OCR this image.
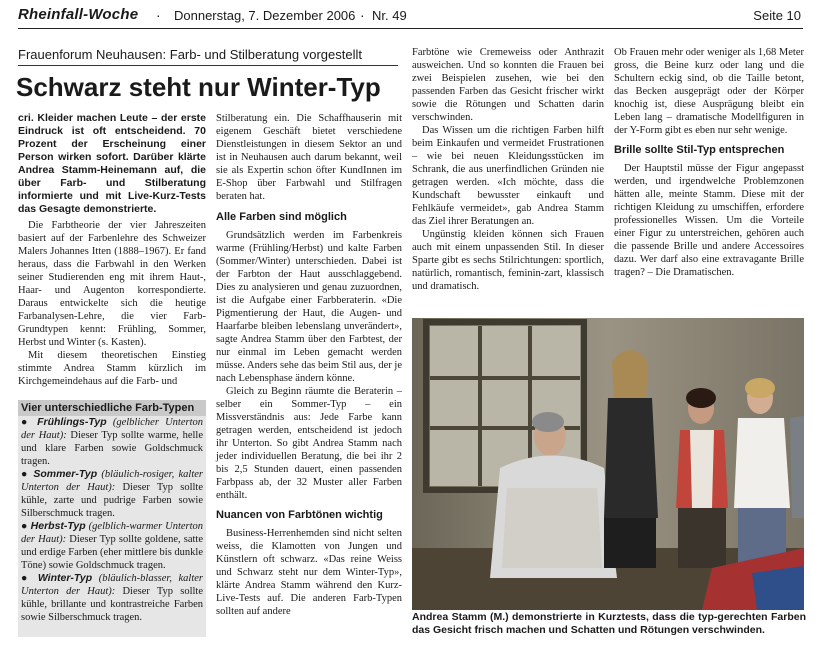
Rheinfall-Woche · Donnerstag, 7. Dezember 2006 · Nr. 49	Seite 10
Frauenforum Neuhausen: Farb- und Stilberatung vorgestellt
Schwarz steht nur Winter-Typ

cri. Kleider machen Leute – der erste Eindruck ist oft entscheidend. 70 Prozent der Erscheinung einer Person wirken sofort. Darüber klärte Andrea Stamm-Heinemann auf, die über Farb- und Stilberatung informierte und mit Live-Kurz-Tests das Gesagte demonstrierte.

Die Farbtheorie der vier Jahreszeiten basiert auf der Farbenlehre des Schweizer Malers Johannes Itten (1888–1967). Er fand heraus, dass die Farbwahl in den Werken seiner Studierenden eng mit ihrem Haut-, Haar- und Augenton korrespondierte. Daraus entwickelte sich die heutige Farbanalysen-Lehre, die vier Farb-Grundtypen kennt: Frühling, Sommer, Herbst und Winter (s. Kasten).

Mit diesem theoretischen Einstieg stimmte Andrea Stamm kürzlich im Kirchgemeindehaus auf die Farb- und

Vier unterschiedliche Farb-Typen

● Frühlings-Typ (gelblicher Unterton der Haut): Dieser Typ sollte warme, helle und klare Farben sowie Goldschmuck tragen.

● Sommer-Typ (bläulich-rosiger, kalter Unterton der Haut): Dieser Typ sollte kühle, zarte und pudrige Farben sowie Silberschmuck tragen.

● Herbst-Typ (gelblich-warmer Unterton der Haut): Dieser Typ sollte goldene, satte und erdige Farben (eher mittlere bis dunkle Töne) sowie Goldschmuck tragen.

● Winter-Typ (bläulich-blasser, kalter Unterton der Haut): Dieser Typ sollte kühle, brillante und kontrastreiche Farben sowie Silberschmuck tragen.

Stilberatung ein. Die Schaffhauserin mit eigenem Geschäft bietet verschiedene Dienstleistungen in diesem Sektor an und ist in Neuhausen auch darum bekannt, weil sie als Expertin schon öfter KundInnen im E-Shop über Farbwahl und Stilfragen beraten hat.

Alle Farben sind möglich

Grundsätzlich werden im Farbenkreis warme (Frühling/Herbst) und kalte Farben (Sommer/Winter) unterschieden. Dabei ist der Farbton der Haut ausschlaggebend. Dies zu analysieren und genau zuzuordnen, ist die Aufgabe einer Farbberaterin. «Die Pigmentierung der Haut, die Augen- und Haarfarbe bleiben lebenslang unverändert», sagte Andrea Stamm über den Farbtest, der nur einmal im Leben gemacht werden müsse. Anders sehe das beim Stil aus, der je nach Lebensphase ändern könne.

Gleich zu Beginn räumte die Beraterin – selber ein Sommer-Typ – ein Missverständnis aus: Jede Farbe kann getragen werden, entscheidend ist jedoch ihr Unterton. So gibt Andrea Stamm nach jeder individuellen Beratung, die bei ihr 2 bis 2,5 Stunden dauert, einen passenden Farbpass ab, der 32 Muster aller Farben enthält.

Nuancen von Farbtönen wichtig

Business-Herrenhemden sind nicht selten weiss, die Klamotten von Jungen und Künstlern oft schwarz. «Das reine Weiss und Schwarz steht nur dem Winter-Typ», klärte Andrea Stamm während den Kurz-Live-Tests auf. Die anderen Farb-Typen sollten auf andere

Farbtöne wie Cremeweiss oder Anthrazit ausweichen. Und so konnten die Frauen bei zwei Beispielen zusehen, wie bei den passenden Farben das Gesicht frischer wirkt sowie die Rötungen und Schatten darin verschwinden.

Das Wissen um die richtigen Farben hilft beim Einkaufen und vermeidet Frustrationen – wie bei neuen Kleidungsstücken im Schrank, die aus unerfindlichen Gründen nie getragen werden. «Ich möchte, dass die Kundschaft bewusster einkauft und Fehlkäufe vermeidet», gab Andrea Stamm das Ziel ihrer Beratungen an.

Ungünstig kleiden können sich Frauen auch mit einem unpassenden Stil. In dieser Sparte gibt es sechs Stilrichtungen: sportlich, natürlich, romantisch, feminin-zart, klassisch und dramatisch.

Ob Frauen mehr oder weniger als 1,68 Meter gross, die Beine kurz oder lang und die Schultern eckig sind, ob die Taille betont, das Becken ausgeprägt oder der Körper knochig ist, diese Ausprägung bleibt ein Leben lang – dramatische Modellfiguren in der Y-Form gibt es eben nur sehr wenige.

Brille sollte Stil-Typ entsprechen

Der Hauptstil müsse der Figur angepasst werden, und irgendwelche Problemzonen hätten alle, meinte Stamm. Diese mit der richtigen Kleidung zu umschiffen, erfordere professionelles Wissen. Um die Vorteile einer Figur zu unterstreichen, gehören auch die passende Brille und andere Accessoires dazu. Wer darf also eine extravagante Brille tragen? – Die Dramatischen.

Andrea Stamm (M.) demonstrierte in Kurztests, dass die typ-gerechten Farben das Gesicht frisch machen und Schatten und Rötungen verschwinden.
